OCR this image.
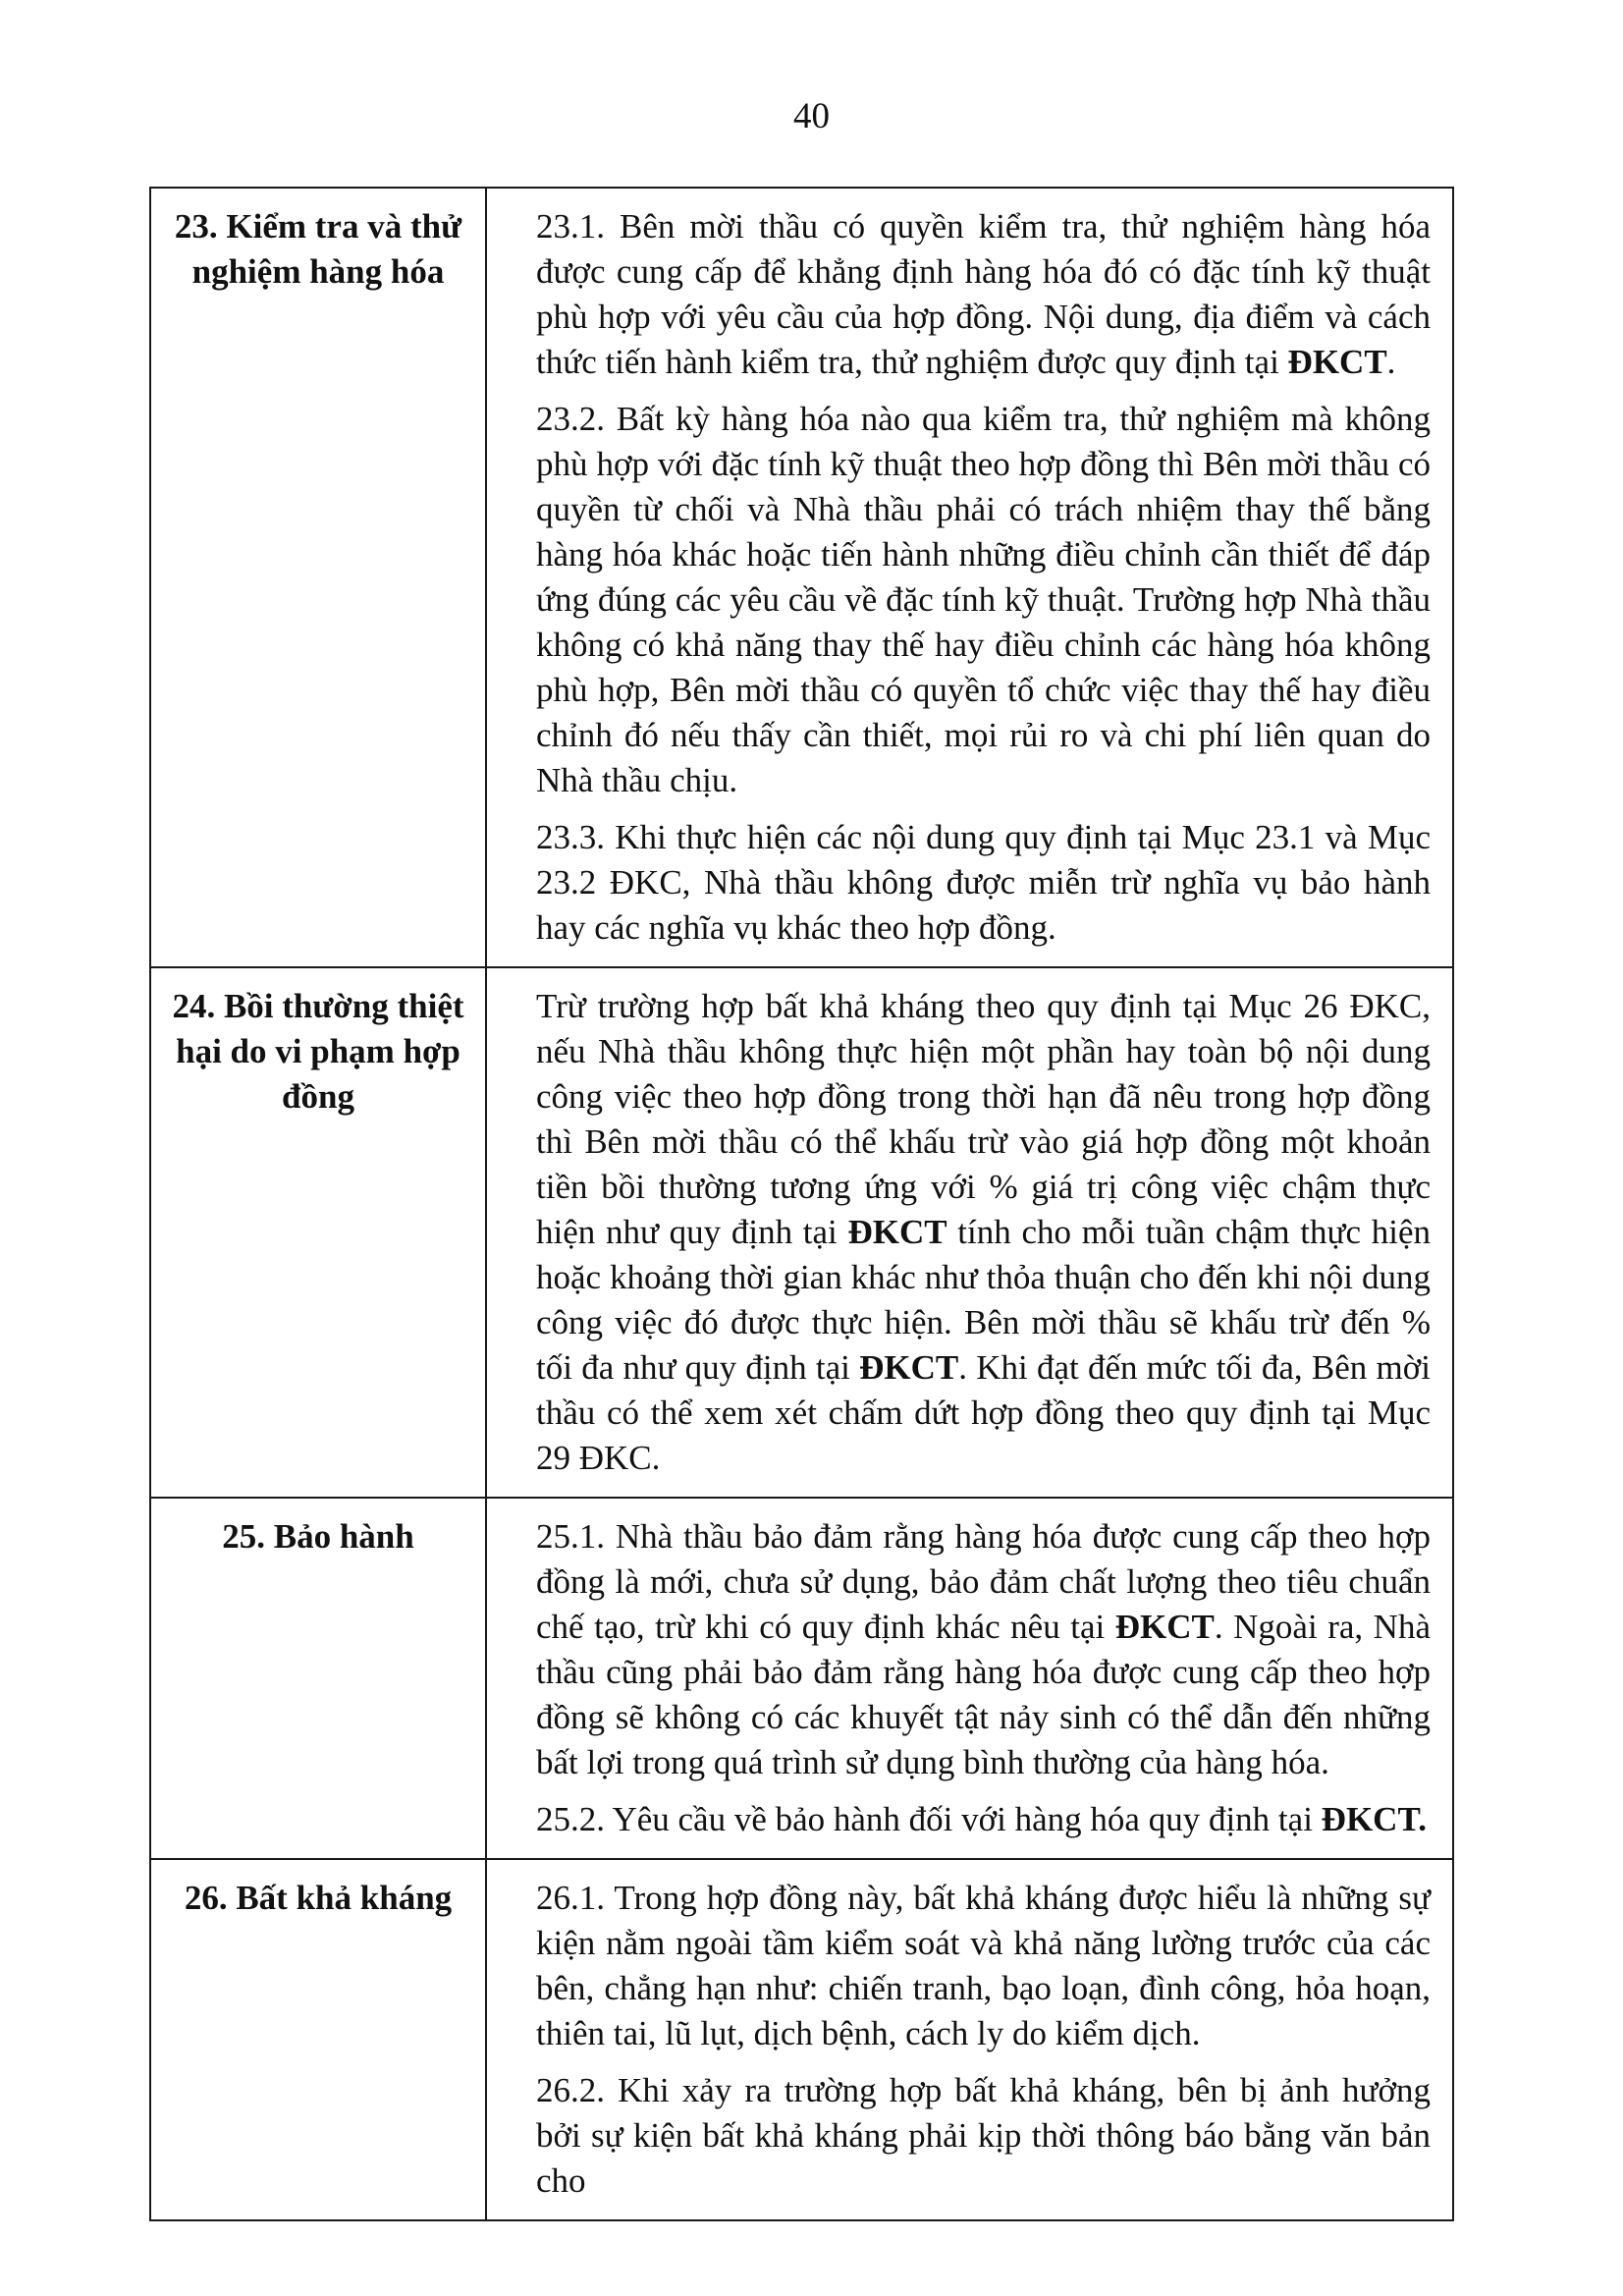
40
23. Kiểm tra và thử nghiệm hàng hóa	23.1. Bên mời thầu có quyền kiểm tra, thử nghiệm hàng hóa được cung cấp để khẳng định hàng hóa đó có đặc tính kỹ thuật phù hợp với yêu cầu của hợp đồng. Nội dung, địa điểm và cách thức tiến hành kiểm tra, thử nghiệm được quy định tại ĐKCT.

23.2. Bất kỳ hàng hóa nào qua kiểm tra, thử nghiệm mà không phù hợp với đặc tính kỹ thuật theo hợp đồng thì Bên mời thầu có quyền từ chối và Nhà thầu phải có trách nhiệm thay thế bằng hàng hóa khác hoặc tiến hành những điều chỉnh cần thiết để đáp ứng đúng các yêu cầu về đặc tính kỹ thuật. Trường hợp Nhà thầu không có khả năng thay thế hay điều chỉnh các hàng hóa không phù hợp, Bên mời thầu có quyền tổ chức việc thay thế hay điều chỉnh đó nếu thấy cần thiết, mọi rủi ro và chi phí liên quan do Nhà thầu chịu.

23.3. Khi thực hiện các nội dung quy định tại Mục 23.1 và Mục 23.2 ĐKC, Nhà thầu không được miễn trừ nghĩa vụ bảo hành hay các nghĩa vụ khác theo hợp đồng.

24. Bồi thường thiệt hại do vi phạm hợp đồng	Trừ trường hợp bất khả kháng theo quy định tại Mục 26 ĐKC, nếu Nhà thầu không thực hiện một phần hay toàn bộ nội dung công việc theo hợp đồng trong thời hạn đã nêu trong hợp đồng thì Bên mời thầu có thể khấu trừ vào giá hợp đồng một khoản tiền bồi thường tương ứng với % giá trị công việc chậm thực hiện như quy định tại ĐKCT tính cho mỗi tuần chậm thực hiện hoặc khoảng thời gian khác như thỏa thuận cho đến khi nội dung công việc đó được thực hiện. Bên mời thầu sẽ khấu trừ đến % tối đa như quy định tại ĐKCT. Khi đạt đến mức tối đa, Bên mời thầu có thể xem xét chấm dứt hợp đồng theo quy định tại Mục 29 ĐKC.

25. Bảo hành	25.1. Nhà thầu bảo đảm rằng hàng hóa được cung cấp theo hợp đồng là mới, chưa sử dụng, bảo đảm chất lượng theo tiêu chuẩn chế tạo, trừ khi có quy định khác nêu tại ĐKCT. Ngoài ra, Nhà thầu cũng phải bảo đảm rằng hàng hóa được cung cấp theo hợp đồng sẽ không có các khuyết tật nảy sinh có thể dẫn đến những bất lợi trong quá trình sử dụng bình thường của hàng hóa.

25.2. Yêu cầu về bảo hành đối với hàng hóa quy định tại ĐKCT.

26. Bất khả kháng	26.1. Trong hợp đồng này, bất khả kháng được hiểu là những sự kiện nằm ngoài tầm kiểm soát và khả năng lường trước của các bên, chẳng hạn như: chiến tranh, bạo loạn, đình công, hỏa hoạn, thiên tai, lũ lụt, dịch bệnh, cách ly do kiểm dịch.

26.2. Khi xảy ra trường hợp bất khả kháng, bên bị ảnh hưởng bởi sự kiện bất khả kháng phải kịp thời thông báo bằng văn bản cho
